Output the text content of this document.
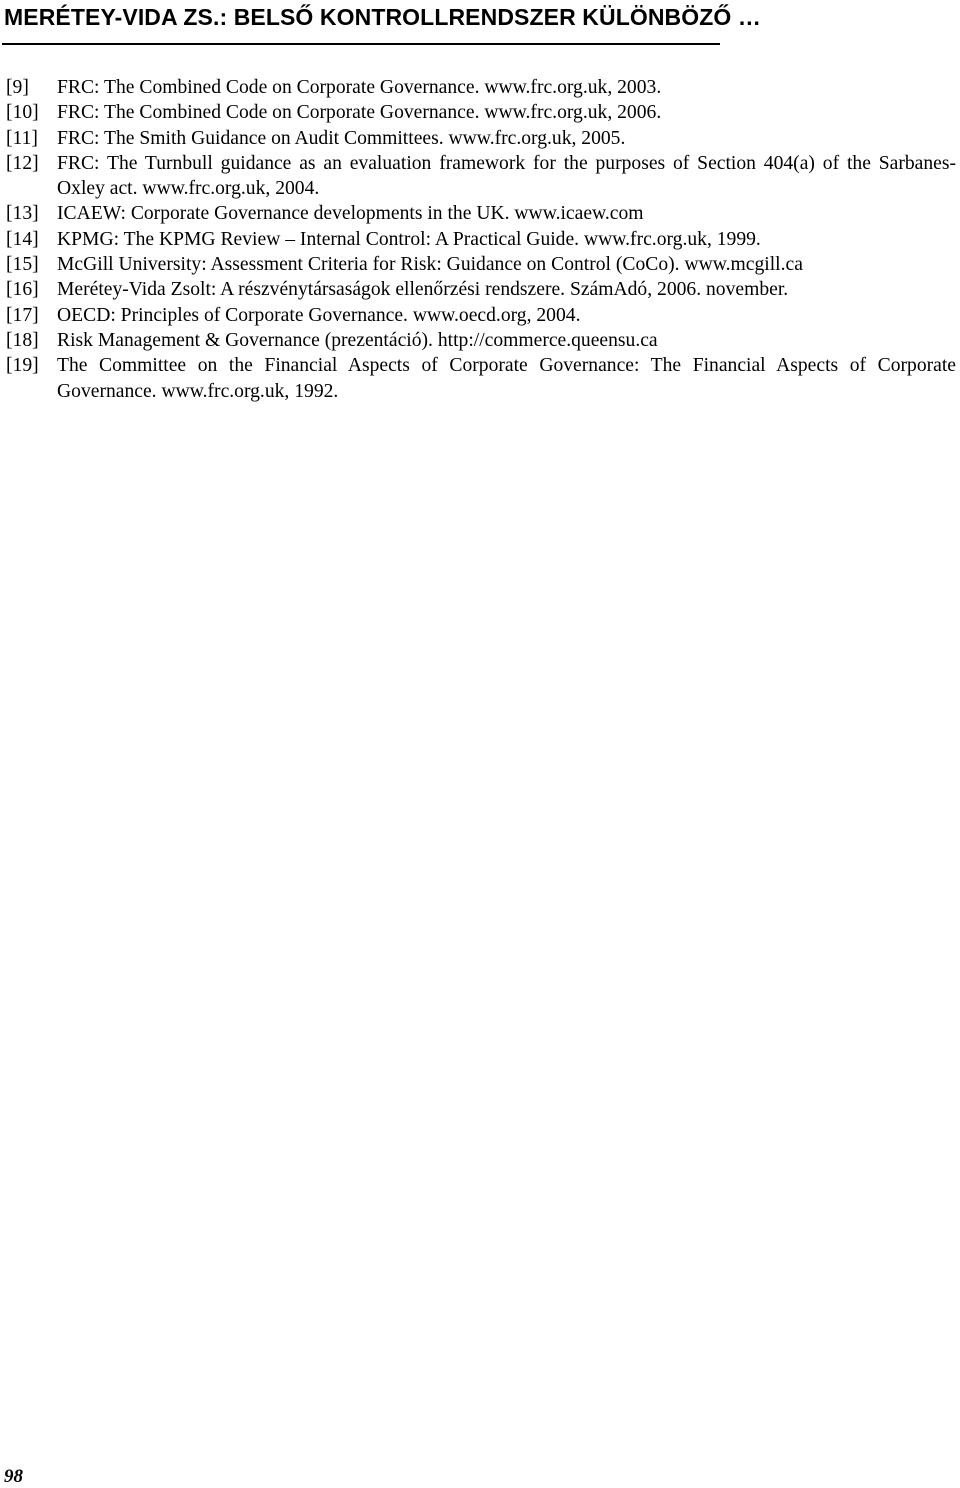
MERÉTEY-VIDA ZS.: BELSŐ KONTROLLRENDSZER KÜLÖNBÖZŐ …
[9]	FRC: The Combined Code on Corporate Governance. www.frc.org.uk, 2003.
[10] FRC: The Combined Code on Corporate Governance. www.frc.org.uk, 2006.
[11] FRC: The Smith Guidance on Audit Committees. www.frc.org.uk, 2005.
[12] FRC: The Turnbull guidance as an evaluation framework for the purposes of Section 404(a) of the Sarbanes-Oxley act. www.frc.org.uk, 2004.
[13] ICAEW: Corporate Governance developments in the UK. www.icaew.com
[14] KPMG: The KPMG Review – Internal Control: A Practical Guide. www.frc.org.uk, 1999.
[15] McGill University: Assessment Criteria for Risk: Guidance on Control (CoCo). www.mcgill.ca
[16] Merétey-Vida Zsolt: A részvénytársaságok ellenőrzési rendszere. SzámAdó, 2006. november.
[17] OECD: Principles of Corporate Governance. www.oecd.org, 2004.
[18] Risk Management & Governance (prezentáció). http://commerce.queensu.ca
[19] The Committee on the Financial Aspects of Corporate Governance: The Financial Aspects of Corporate Governance. www.frc.org.uk, 1992.
98
